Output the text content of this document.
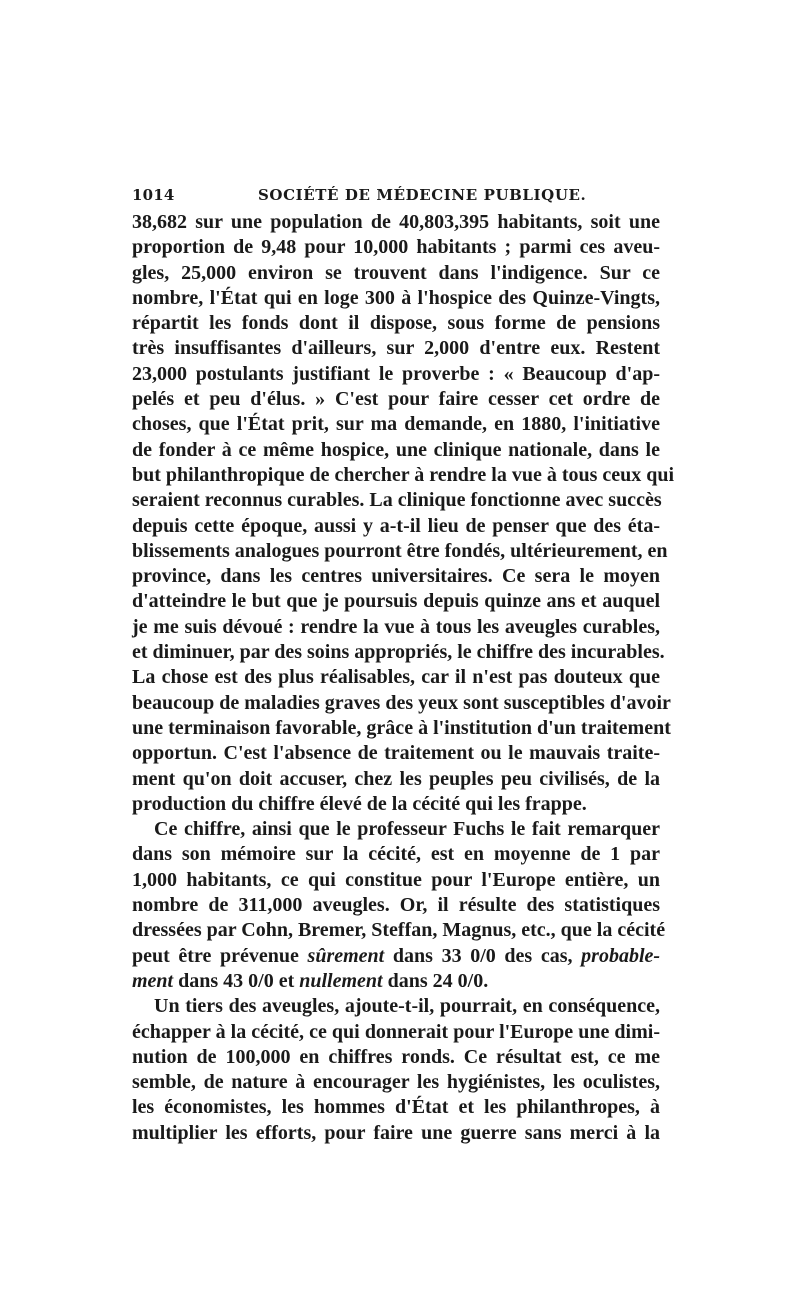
1014	SOCIÉTÉ DE MÉDECINE PUBLIQUE.
38,682 sur une population de 40,803,395 habitants, soit une
proportion de 9,48 pour 10,000 habitants ; parmi ces aveu-
gles, 25,000 environ se trouvent dans l'indigence. Sur ce
nombre, l'État qui en loge 300 à l'hospice des Quinze-Vingts,
répartit les fonds dont il dispose, sous forme de pensions
très insuffisantes d'ailleurs, sur 2,000 d'entre eux. Restent
23,000 postulants justifiant le proverbe : « Beaucoup d'ap-
pelés et peu d'élus. » C'est pour faire cesser cet ordre de
choses, que l'État prit, sur ma demande, en 1880, l'initiative
de fonder à ce même hospice, une clinique nationale, dans le
but philanthropique de chercher à rendre la vue à tous ceux qui
seraient reconnus curables. La clinique fonctionne avec succès
depuis cette époque, aussi y a-t-il lieu de penser que des éta-
blissements analogues pourront être fondés, ultérieurement, en
province, dans les centres universitaires. Ce sera le moyen
d'atteindre le but que je poursuis depuis quinze ans et auquel
je me suis dévoué : rendre la vue à tous les aveugles curables,
et diminuer, par des soins appropriés, le chiffre des incurables.
La chose est des plus réalisables, car il n'est pas douteux que
beaucoup de maladies graves des yeux sont susceptibles d'avoir
une terminaison favorable, grâce à l'institution d'un traitement
opportun. C'est l'absence de traitement ou le mauvais traite-
ment qu'on doit accuser, chez les peuples peu civilisés, de la
production du chiffre élevé de la cécité qui les frappe.
Ce chiffre, ainsi que le professeur Fuchs le fait remarquer
dans son mémoire sur la cécité, est en moyenne de 1 par
1,000 habitants, ce qui constitue pour l'Europe entière, un
nombre de 311,000 aveugles. Or, il résulte des statistiques
dressées par Cohn, Bremer, Steffan, Magnus, etc., que la cécité
peut être prévenue sûrement dans 33 0/0 des cas, probable-
ment dans 43 0/0 et nullement dans 24 0/0.
Un tiers des aveugles, ajoute-t-il, pourrait, en conséquence,
échapper à la cécité, ce qui donnerait pour l'Europe une dimi-
nution de 100,000 en chiffres ronds. Ce résultat est, ce me
semble, de nature à encourager les hygiénistes, les oculistes,
les économistes, les hommes d'État et les philanthropes, à
multiplier les efforts, pour faire une guerre sans merci à la
